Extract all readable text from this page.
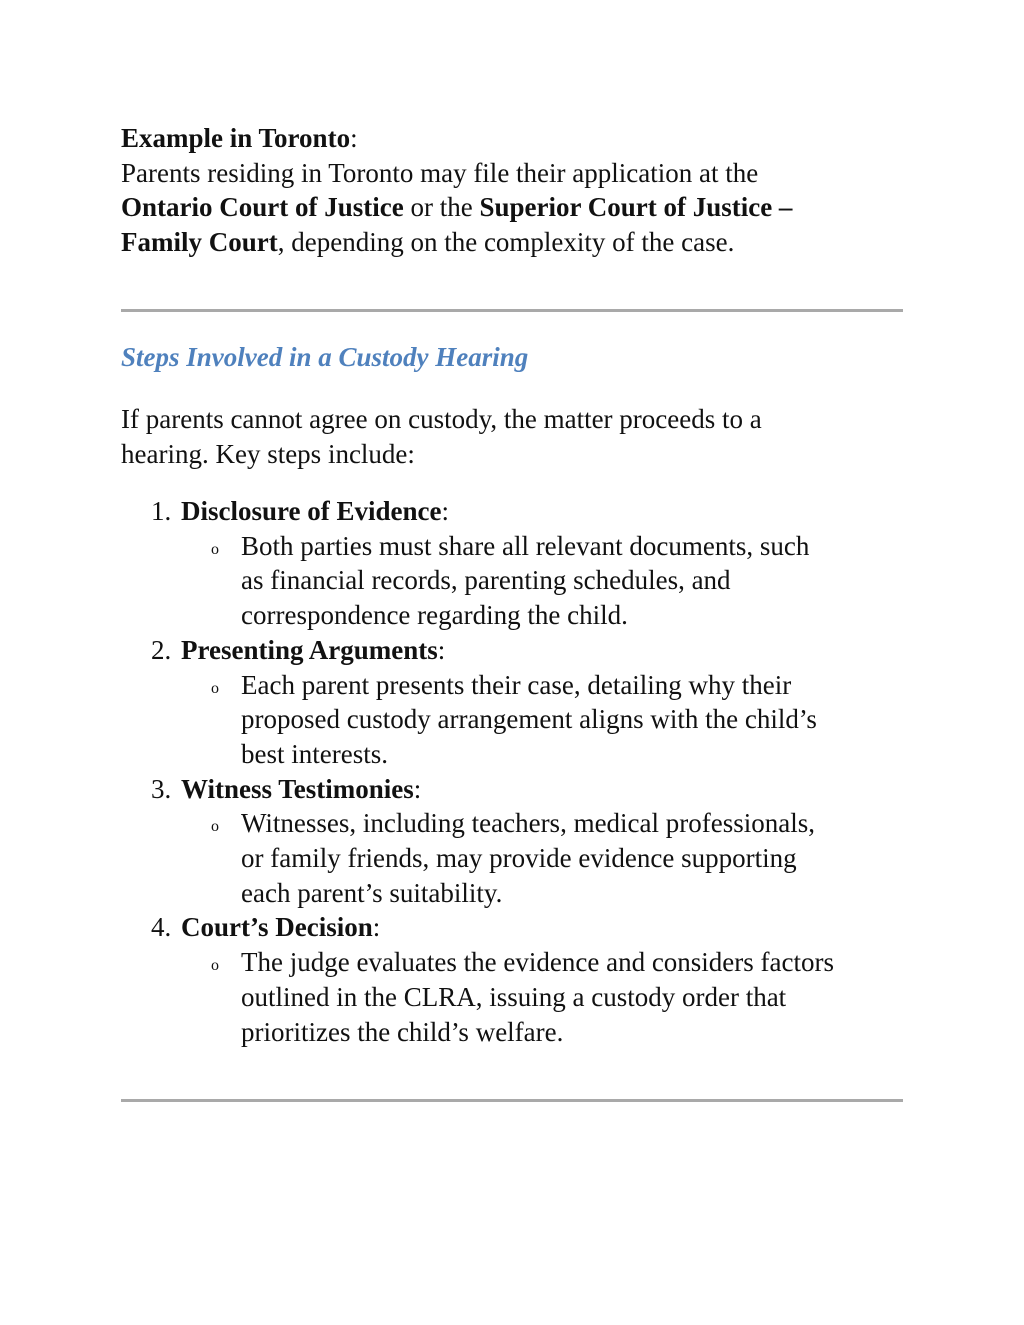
Example in Toronto:

Parents residing in Toronto may file their application at the

Ontario Court of Justice or the Superior Court of Justice –

Family Court, depending on the complexity of the case.

Steps Involved in a Custody Hearing

If parents cannot agree on custody, the matter proceeds to a

hearing. Key steps include:

1. Disclosure of Evidence:
o Both parties must share all relevant documents, such

as financial records, parenting schedules, and

correspondence regarding the child.

2. Presenting Arguments:
o Each parent presents their case, detailing why their

proposed custody arrangement aligns with the child’s

best interests.

3. Witness Testimonies:
o Witnesses, including teachers, medical professionals,

or family friends, may provide evidence supporting

each parent’s suitability.

4. Court’s Decision:
o The judge evaluates the evidence and considers factors

outlined in the CLRA, issuing a custody order that

prioritizes the child’s welfare.
